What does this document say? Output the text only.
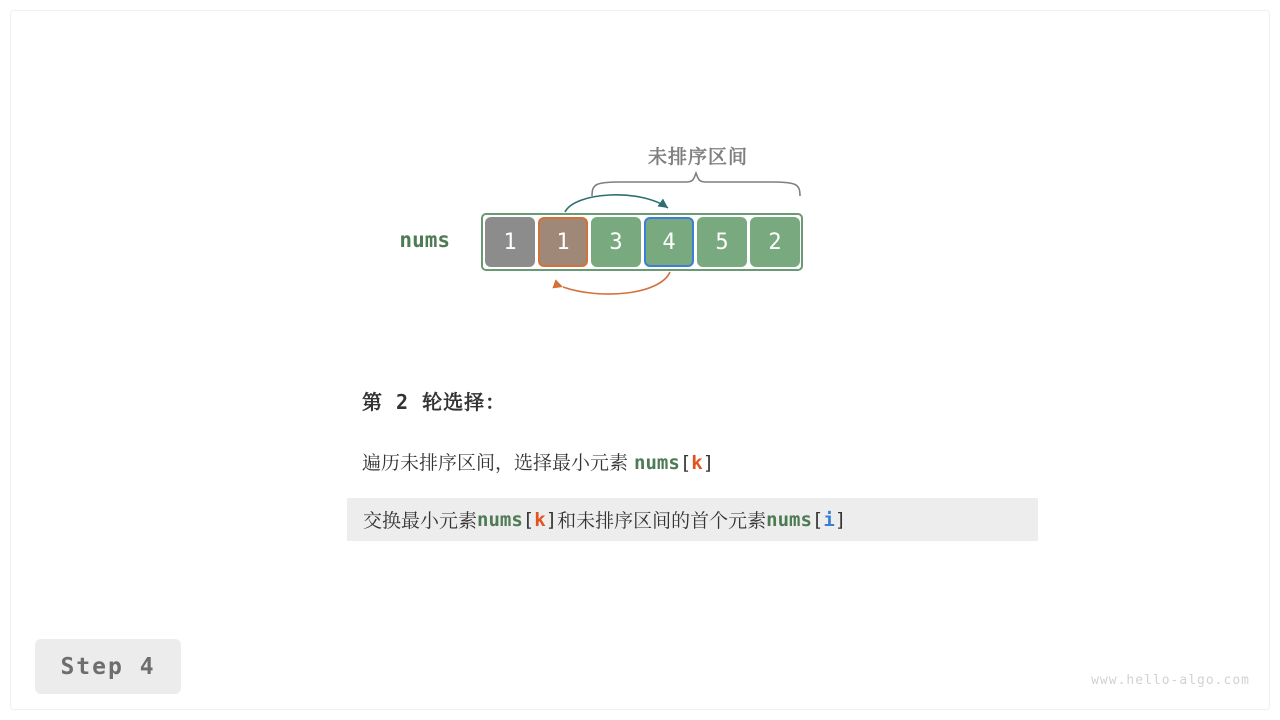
未排序区间
nums 1 1 3 4 5 2
第 2 轮选择：
遍历未排序区间，选择最小元素 nums[k]
交换最小元素 nums [ k ] 和未排序区间的首个元素 nums [ i ]
Step 4
www.hello-algo.com
